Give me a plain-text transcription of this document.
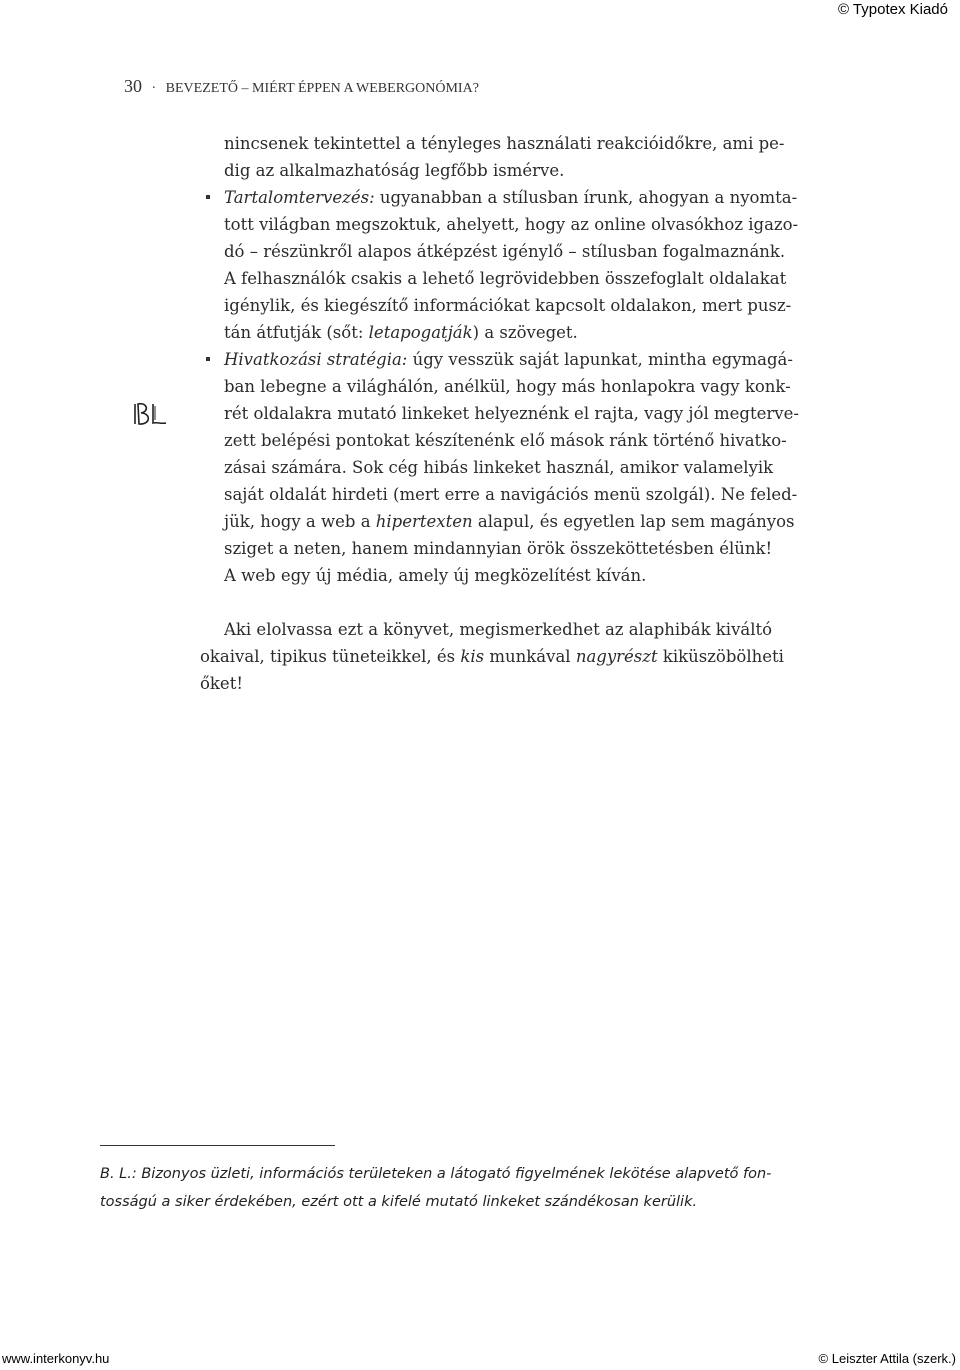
© Typotex Kiadó
30 · BEVEZETŐ – MIÉRT ÉPPEN A WEBERGONÓMIA?
nincsenek tekintettel a tényleges használati reakcióidőkre, ami pe-
dig az alkalmazhatóság legfőbb ismérve.
Tartalomtervezés: ugyanabban a stílusban írunk, ahogyan a nyomta-
tott világban megszoktuk, ahelyett, hogy az online olvasókhoz igazo-
dó – részünkről alapos átképzést igénylő – stílusban fogalmaznánk.
A felhasználók csakis a lehető legrövidebben összefoglalt oldalakat
igénylik, és kiegészítő információkat kapcsolt oldalakon, mert pusz-
tán átfutják (sőt: letapogatják) a szöveget.
Hivatkozási stratégia: úgy vesszük saját lapunkat, mintha egymagá-
ban lebegne a világhálón, anélkül, hogy más honlapokra vagy konk-
rét oldalakra mutató linkeket helyeznénk el rajta, vagy jól megterve-
zett belépési pontokat készítenénk elő mások ránk történő hivatko-
zásai számára. Sok cég hibás linkeket használ, amikor valamelyik
saját oldalát hirdeti (mert erre a navigációs menü szolgál). Ne feled-
jük, hogy a web a hipertexten alapul, és egyetlen lap sem magányos
sziget a neten, hanem mindannyian örök összeköttetésben élünk!
A web egy új média, amely új megközelítést kíván.
Aki elolvassa ezt a könyvet, megismerkedhet az alaphibák kiváltó
okaival, tipikus tüneteikkel, és kis munkával nagyrészt kiküszöbölheti
őket!
B. L.: Bizonyos üzleti, információs területeken a látogató figyelmének lekötése alapvető fon-
tosságú a siker érdekében, ezért ott a kifelé mutató linkeket szándékosan kerülik.
www.interkonyv.hu	© Leiszter Attila (szerk.)
